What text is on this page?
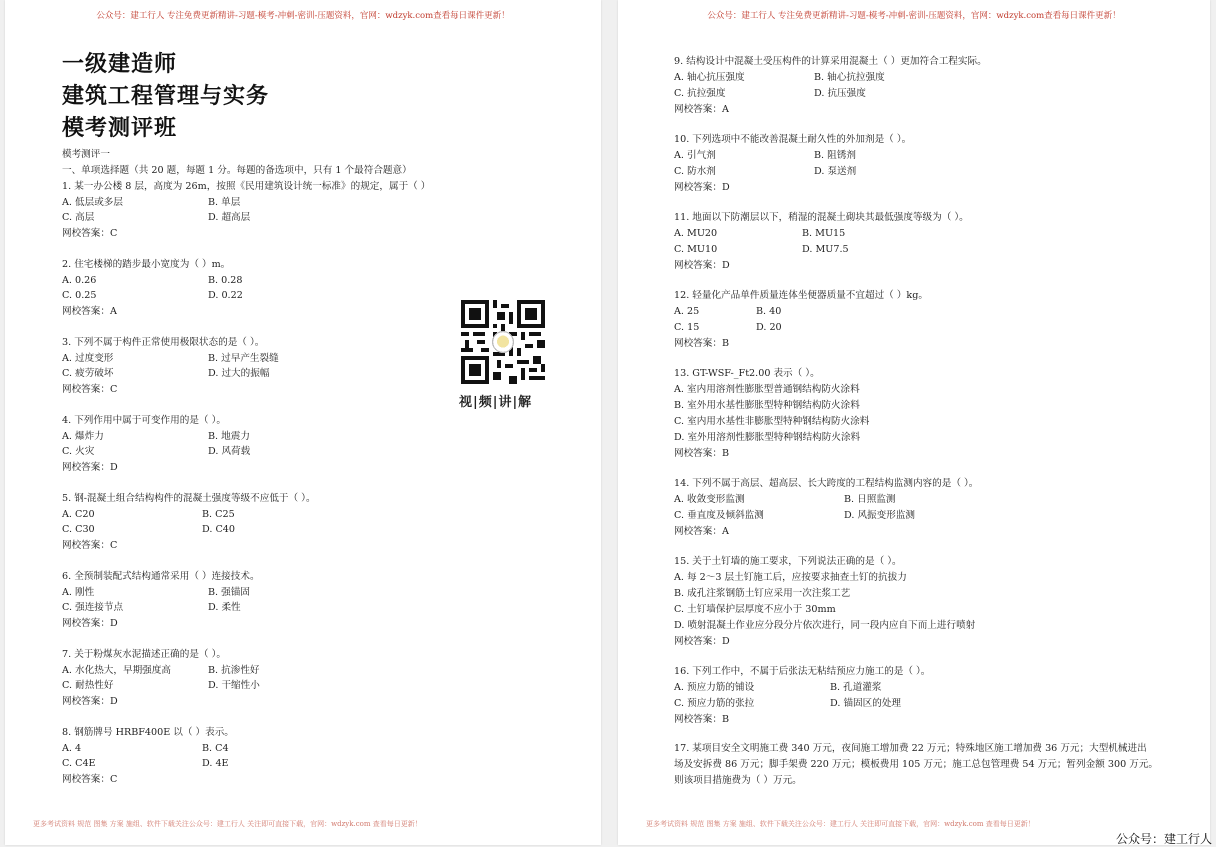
公众号：建工行人 专注免费更新精讲-习题-模考-冲刺-密训-压题资料，官网：wdzyk.com查看每日课件更新！
一级建造师
建筑工程管理与实务
模考测评班
模考测评一
一、单项选择题（共 20 题，每题 1 分。每题的备选项中，只有 1 个最符合题意）
1. 某一办公楼 8 层，高度为 26m，按照《民用建筑设计统一标准》的规定，属于（ ）
A. 低层或多层	B. 单层
C. 高层	D. 超高层
网校答案：C
2. 住宅楼梯的踏步最小宽度为（ ）m。
A. 0.26	B. 0.28
C. 0.25	D. 0.22
网校答案：A
3. 下列不属于构件正常使用极限状态的是（ ）。
A. 过度变形	B. 过早产生裂缝
C. 疲劳破坏	D. 过大的振幅
网校答案：C
4. 下列作用中属于可变作用的是（ ）。
A. 爆炸力	B. 地震力
C. 火灾	D. 风荷载
网校答案：D
5. 钢-混凝土组合结构构件的混凝土强度等级不应低于（ ）。
A. C20	B. C25
C. C30	D. C40
网校答案：C
6. 全预制装配式结构通常采用（ ）连接技术。
A. 刚性	B. 强锚固
C. 强连接节点	D. 柔性
网校答案：D
7. 关于粉煤灰水泥描述正确的是（ ）。
A. 水化热大，早期强度高	B. 抗渗性好
C. 耐热性好	D. 干缩性小
网校答案：D
8. 钢筋牌号 HRBF400E 以（ ）表示。
A. 4	B. C4
C. C4E	D. 4E
网校答案：C
视|频|讲|解
更多考试资料 规范 图集 方案 施组、软件下载关注公众号：建工行人 关注即可直接下载，官网：wdzyk.com 查看每日更新！
公众号：建工行人 专注免费更新精讲-习题-模考-冲刺-密训-压题资料，官网：wdzyk.com查看每日课件更新！
9. 结构设计中混凝土受压构件的计算采用混凝土（ ）更加符合工程实际。
A. 轴心抗压强度	B. 轴心抗拉强度
C. 抗拉强度	D. 抗压强度
网校答案：A
10. 下列选项中不能改善混凝土耐久性的外加剂是（ ）。
A. 引气剂	B. 阻锈剂
C. 防水剂	D. 泵送剂
网校答案：D
11. 地面以下防潮层以下，稍湿的混凝土砌块其最低强度等级为（ ）。
A. MU20	B. MU15
C. MU10	D. MU7.5
网校答案：D
12. 轻量化产品单件质量连体坐便器质量不宜超过（ ）kg。
A. 25	B. 40
C. 15	D. 20
网校答案：B
13. GT-WSF-_Ft2.00 表示（ ）。
A. 室内用溶剂性膨胀型普通钢结构防火涂料
B. 室外用水基性膨胀型特种钢结构防火涂料
C. 室内用水基性非膨胀型特种钢结构防火涂料
D. 室外用溶剂性膨胀型特种钢结构防火涂料
网校答案：B
14. 下列不属于高层、超高层、长大跨度的工程结构监测内容的是（ ）。
A. 收敛变形监测	B. 日照监测
C. 垂直度及倾斜监测	D. 风振变形监测
网校答案：A
15. 关于土钉墙的施工要求，下列说法正确的是（ ）。
A. 每 2～3 层土钉施工后，应按要求抽查土钉的抗拔力
B. 成孔注浆钢筋土钉应采用一次注浆工艺
C. 土钉墙保护层厚度不应小于 30mm
D. 喷射混凝土作业应分段分片依次进行，同一段内应自下而上进行喷射
网校答案：D
16. 下列工作中，不属于后张法无粘结预应力施工的是（ ）。
A. 预应力筋的铺设	B. 孔道灌浆
C. 预应力筋的张拉	D. 锚固区的处理
网校答案：B
17. 某项目安全文明施工费 340 万元，夜间施工增加费 22 万元；特殊地区施工增加费 36 万元；大型机械进出
场及安拆费 86 万元；脚手架费 220 万元；模板费用 105 万元；施工总包管理费 54 万元；暂列金额 300 万元。
则该项目措施费为（ ）万元。
更多考试资料 规范 图集 方案 施组、软件下载关注公众号：建工行人 关注即可直接下载，官网：wdzyk.com 查看每日更新！
公众号：建工行人
